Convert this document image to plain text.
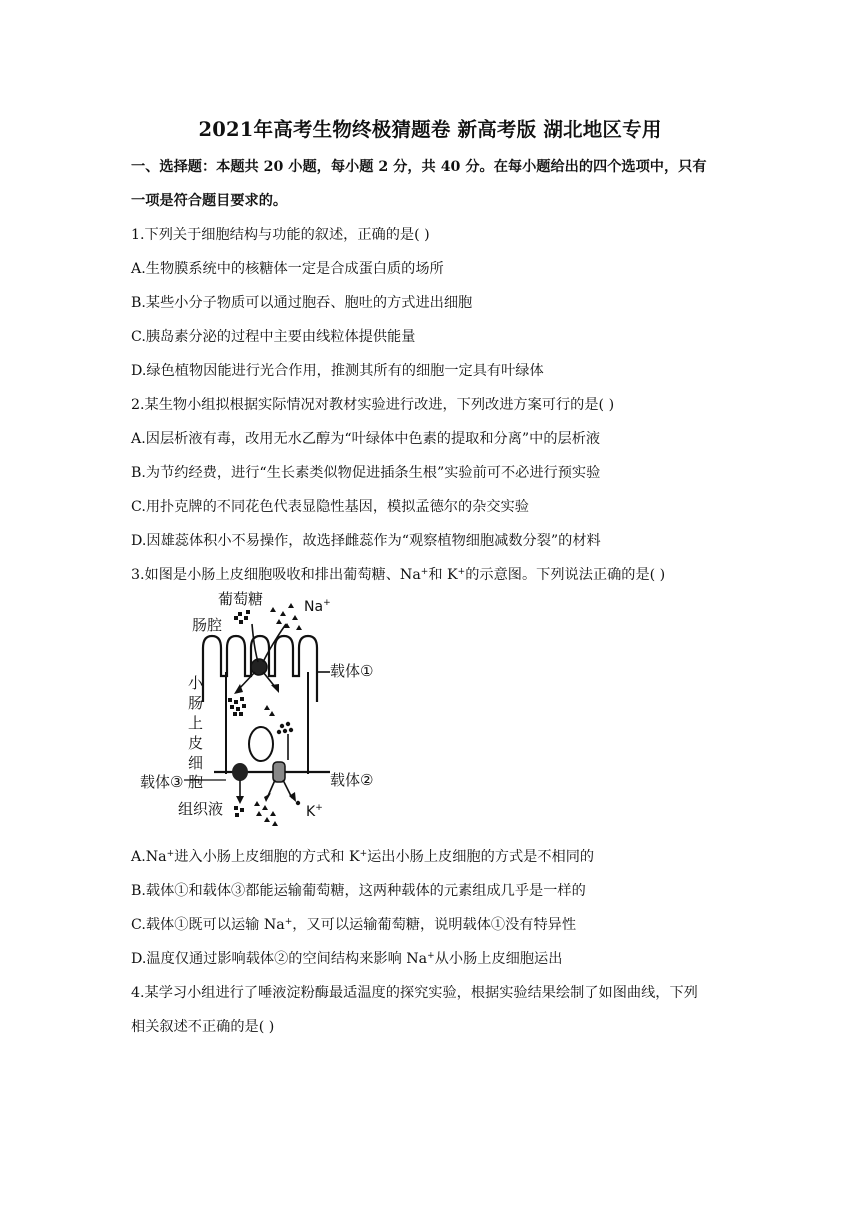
2021年高考生物终极猜题卷 新高考版 湖北地区专用
一、选择题：本题共 20 小题，每小题 2 分，共 40 分。在每小题给出的四个选项中，只有
一项是符合题目要求的。
1.下列关于细胞结构与功能的叙述，正确的是( )
A.生物膜系统中的核糖体一定是合成蛋白质的场所
B.某些小分子物质可以通过胞吞、胞吐的方式进出细胞
C.胰岛素分泌的过程中主要由线粒体提供能量
D.绿色植物因能进行光合作用，推测其所有的细胞一定具有叶绿体
2.某生物小组拟根据实际情况对教材实验进行改进，下列改进方案可行的是( )
A.因层析液有毒，改用无水乙醇为“叶绿体中色素的提取和分离”中的层析液
B.为节约经费，进行“生长素类似物促进插条生根”实验前可不必进行预实验
C.用扑克牌的不同花色代表显隐性基因，模拟孟德尔的杂交实验
D.因雄蕊体积小不易操作，故选择雌蕊作为“观察植物细胞减数分裂”的材料
3.如图是小肠上皮细胞吸收和排出葡萄糖、Na+和 K+的示意图。下列说法正确的是( )
葡萄糖	Na+
肠腔
小
肠
上
皮
细
胞
载体①
载体②
载体③
组织液	K+
A.Na+进入小肠上皮细胞的方式和 K+运出小肠上皮细胞的方式是不相同的
B.载体①和载体③都能运输葡萄糖，这两种载体的元素组成几乎是一样的
C.载体①既可以运输 Na+，又可以运输葡萄糖，说明载体①没有特异性
D.温度仅通过影响载体②的空间结构来影响 Na+从小肠上皮细胞运出
4.某学习小组进行了唾液淀粉酶最适温度的探究实验，根据实验结果绘制了如图曲线，下列
相关叙述不正确的是( )
